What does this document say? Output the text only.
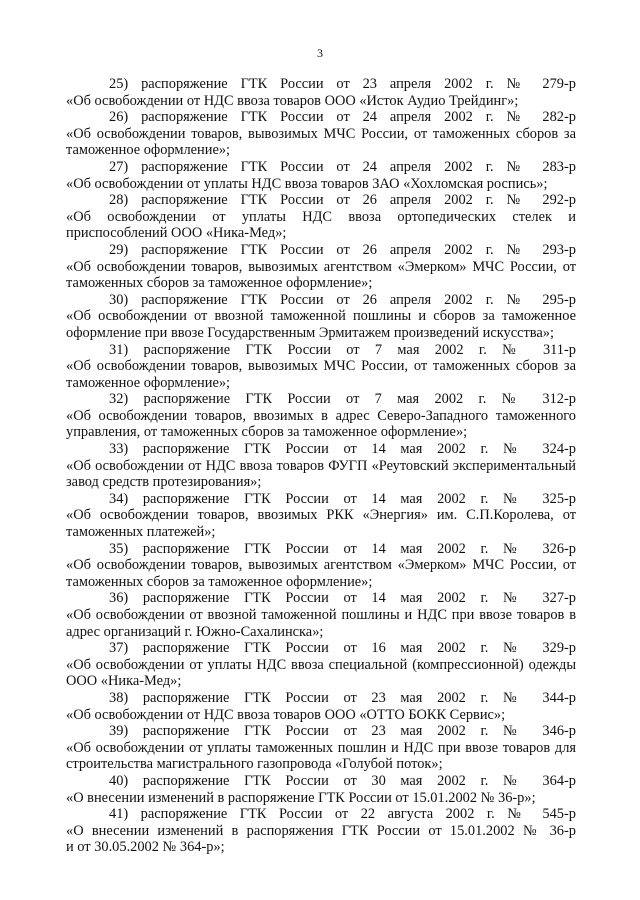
3
25) распоряжение ГТК России от 23 апреля 2002 г. № 279-р
«Об освобождении от НДС ввоза товаров ООО «Исток Аудио Трейдинг»;
26) распоряжение ГТК России от 24 апреля 2002 г. № 282-р
«Об освобождении товаров, вывозимых МЧС России, от таможенных сборов за
таможенное оформление»;
27) распоряжение ГТК России от 24 апреля 2002 г. № 283-р
«Об освобождении от уплаты НДС ввоза товаров ЗАО «Хохломская роспись»;
28) распоряжение ГТК России от 26 апреля 2002 г. № 292-р
«Об освобождении от уплаты НДС ввоза ортопедических стелек и
приспособлений ООО «Ника-Мед»;
29) распоряжение ГТК России от 26 апреля 2002 г. № 293-р
«Об освобождении товаров, вывозимых агентством «Эмерком» МЧС России, от
таможенных сборов за таможенное оформление»;
30) распоряжение ГТК России от 26 апреля 2002 г. № 295-р
«Об освобождении от ввозной таможенной пошлины и сборов за таможенное
оформление при ввозе Государственным Эрмитажем произведений искусства»;
31) распоряжение ГТК России от 7 мая 2002 г. № 311-р
«Об освобождении товаров, вывозимых МЧС России, от таможенных сборов за
таможенное оформление»;
32) распоряжение ГТК России от 7 мая 2002 г. № 312-р
«Об освобождении товаров, ввозимых в адрес Северо-Западного таможенного
управления, от таможенных сборов за таможенное оформление»;
33) распоряжение ГТК России от 14 мая 2002 г. № 324-р
«Об освобождении от НДС ввоза товаров ФУГП «Реутовский экспериментальный
завод средств протезирования»;
34) распоряжение ГТК России от 14 мая 2002 г. № 325-р
«Об освобождении товаров, ввозимых РКК «Энергия» им. С.П.Королева, от
таможенных платежей»;
35) распоряжение ГТК России от 14 мая 2002 г. № 326-р
«Об освобождении товаров, вывозимых агентством «Эмерком» МЧС России, от
таможенных сборов за таможенное оформление»;
36) распоряжение ГТК России от 14 мая 2002 г. № 327-р
«Об освобождении от ввозной таможенной пошлины и НДС при ввозе товаров в
адрес организаций г. Южно-Сахалинска»;
37) распоряжение ГТК России от 16 мая 2002 г. № 329-р
«Об освобождении от уплаты НДС ввоза специальной (компрессионной) одежды
ООО «Ника-Мед»;
38) распоряжение ГТК России от 23 мая 2002 г. № 344-р
«Об освобождении от НДС ввоза товаров ООО «ОТТО БОКК Сервис»;
39) распоряжение ГТК России от 23 мая 2002 г. № 346-р
«Об освобождении от уплаты таможенных пошлин и НДС при ввозе товаров для
строительства магистрального газопровода «Голубой поток»;
40) распоряжение ГТК России от 30 мая 2002 г. № 364-р
«О внесении изменений в распоряжение ГТК России от 15.01.2002 № 36-р»;
41) распоряжение ГТК России от 22 августа 2002 г. № 545-р
«О внесении изменений в распоряжения ГТК России от 15.01.2002 № 36-р
и от 30.05.2002 № 364-р»;
